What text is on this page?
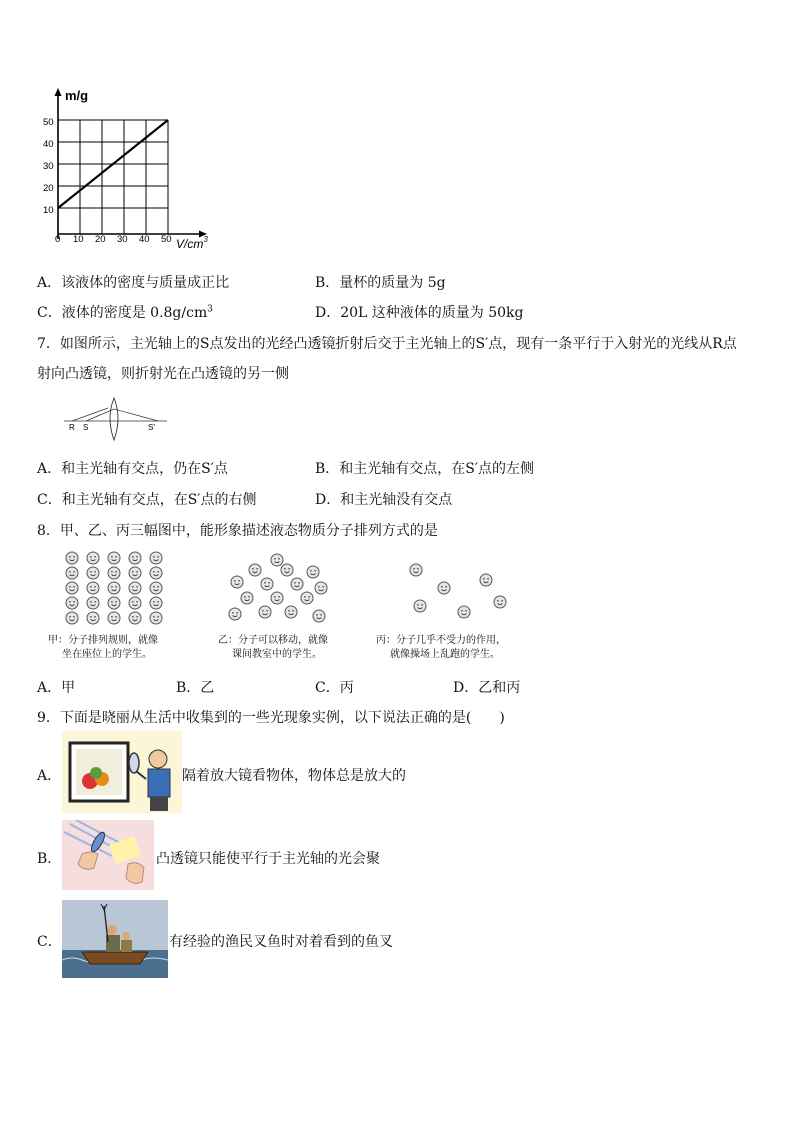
m/g
50
40
30
20
10
0 10 20 30 40 50 $V/cm^3$
A．该液体的密度与质量成正比	B．量杯的质量为 5g
C．液体的密度是 $0.8g/cm^3$	D．20L 这种液体的质量为 50kg
7．如图所示，主光轴上的S点发出的光经凸透镜折射后交于主光轴上的S′点，现有一条平行于入射光的光线从R点
射向凸透镜，则折射光在凸透镜的另一侧
R S	S′
A．和主光轴有交点，仍在S′点	B．和主光轴有交点，在S′点的左侧
C．和主光轴有交点，在S′点的右侧	D．和主光轴没有交点
8．甲、乙、丙三幅图中，能形象描述液态物质分子排列方式的是
甲：分子排列规则，就像
坐在座位上的学生。
乙：分子可以移动，就像
课间教室中的学生。
丙：分子几乎不受力的作用，
就像操场上乱跑的学生。
A．甲	B．乙	C．丙	D．乙和丙
9．下面是晓丽从生活中收集到的一些光现象实例，以下说法正确的是(　　)
A．	隔着放大镜看物体，物体总是放大的
B．	凸透镜只能使平行于主光轴的光会聚
C．	有经验的渔民叉鱼时对着看到的鱼叉
